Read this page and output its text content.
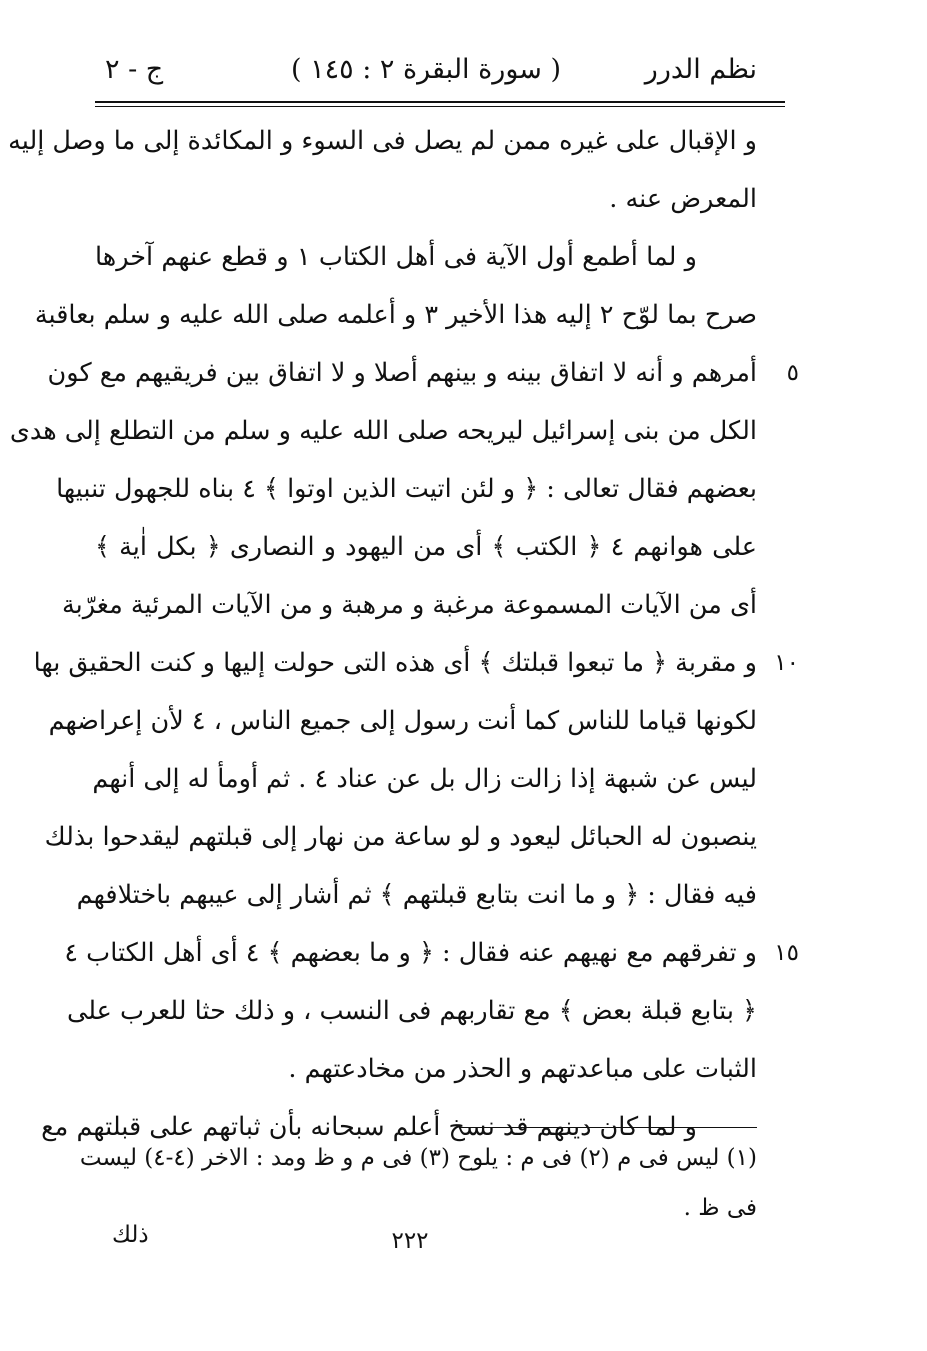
نظم الدرر
( سورة البقرة ٢ : ١٤٥ )
ج - ٢
و الإقبال على غيره ممن لم يصل فى السوء و المكائدة إلى ما وصل إليه
المعرض عنه .
و لما أطمع أول الآية فى أهل الكتاب ١ و قطع عنهم آخرها
صرح بما لوّح ٢ إليه هذا الأخير ٣ و أعلمه صلى الله عليه و سلم بعاقبة
أمرهم و أنه لا اتفاق بينه و بينهم أصلا و لا اتفاق بين فريقيهم مع كون ٥
الكل من بنى إسرائيل ليريحه صلى الله عليه و سلم من التطلع إلى هدى
بعضهم فقال تعالى : ﴿ و لئن اتيت الذين اوتوا ﴾ ٤ بناه للجهول تنبيها
على هوانهم ٤ ﴿ الكتب ﴾ أى من اليهود و النصارى ﴿ بكل اٰية ﴾
أى من الآيات المسموعة مرغبة و مرهبة و من الآيات المرئية مغرّبة
و مقربة ﴿ ما تبعوا قبلتك ﴾ أى هذه التى حولت إليها و كنت الحقيق بها ١٠
لكونها قياما للناس كما أنت رسول إلى جميع الناس ، ٤ لأن إعراضهم
ليس عن شبهة إذا زالت زال بل عن عناد ٤ . ثم أومأ له إلى أنهم
ينصبون له الحبائل ليعود و لو ساعة من نهار إلى قبلتهم ليقدحوا بذلك
فيه فقال : ﴿ و ما انت بتابع قبلتهم ﴾ ثم أشار إلى عيبهم باختلافهم
و تفرقهم مع نهيهم عنه فقال : ﴿ و ما بعضهم ﴾ ٤ أى أهل الكتاب ٤ ١٥
﴿ بتابع قبلة بعض ﴾ مع تقاربهم فى النسب ، و ذلك حثا للعرب على
الثبات على مباعدتهم و الحذر من مخادعتهم .
و لما كان دينهم قد نسخ أعلم سبحانه بأن ثباتهم على قبلتهم مع
(١) ليس فى م (٢) فى م : يلوح (٣) فى م و ظ ومد : الاخر (٤-٤) ليست
فى ظ .
ذلك	٢٢٢
